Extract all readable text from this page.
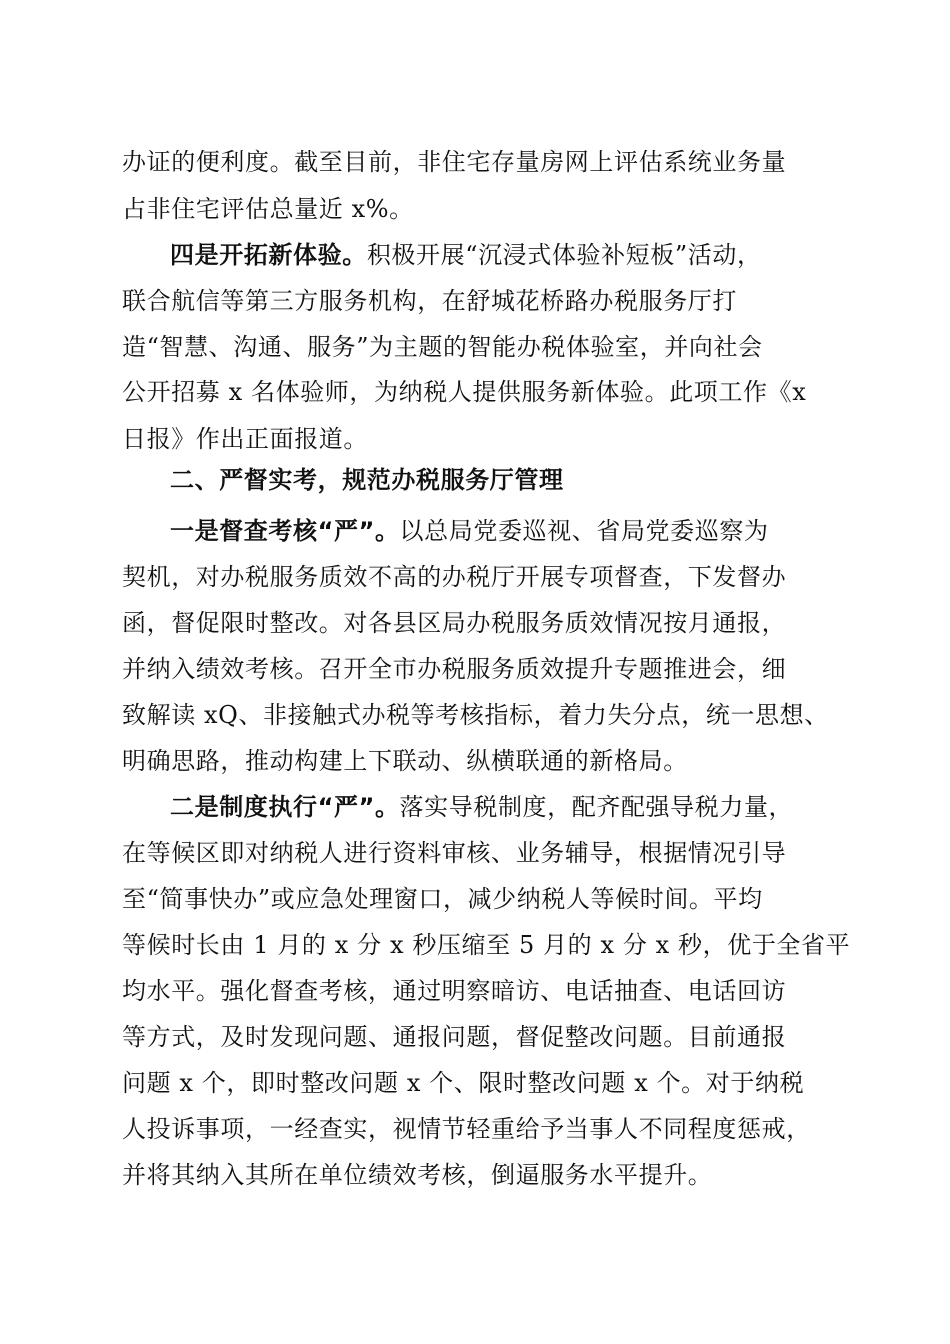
办证的便利度。截至目前，非住宅存量房网上评估系统业务量
占非住宅评估总量近 x%。
四是开拓新体验。积极开展“沉浸式体验补短板”活动，
联合航信等第三方服务机构，在舒城花桥路办税服务厅打
造“智慧、沟通、服务”为主题的智能办税体验室，并向社会
公开招募 x 名体验师，为纳税人提供服务新体验。此项工作《x
日报》作出正面报道。
二、严督实考，规范办税服务厅管理
一是督查考核“严”。以总局党委巡视、省局党委巡察为
契机，对办税服务质效不高的办税厅开展专项督查，下发督办
函，督促限时整改。对各县区局办税服务质效情况按月通报，
并纳入绩效考核。召开全市办税服务质效提升专题推进会，细
致解读 xQ、非接触式办税等考核指标，着力失分点，统一思想、
明确思路，推动构建上下联动、纵横联通的新格局。
二是制度执行“严”。落实导税制度，配齐配强导税力量，
在等候区即对纳税人进行资料审核、业务辅导，根据情况引导
至“简事快办”或应急处理窗口，减少纳税人等候时间。平均
等候时长由 1 月的 x 分 x 秒压缩至 5 月的 x 分 x 秒，优于全省平
均水平。强化督查考核，通过明察暗访、电话抽查、电话回访
等方式，及时发现问题、通报问题，督促整改问题。目前通报
问题 x 个，即时整改问题 x 个、限时整改问题 x 个。对于纳税
人投诉事项，一经查实，视情节轻重给予当事人不同程度惩戒，
并将其纳入其所在单位绩效考核，倒逼服务水平提升。
